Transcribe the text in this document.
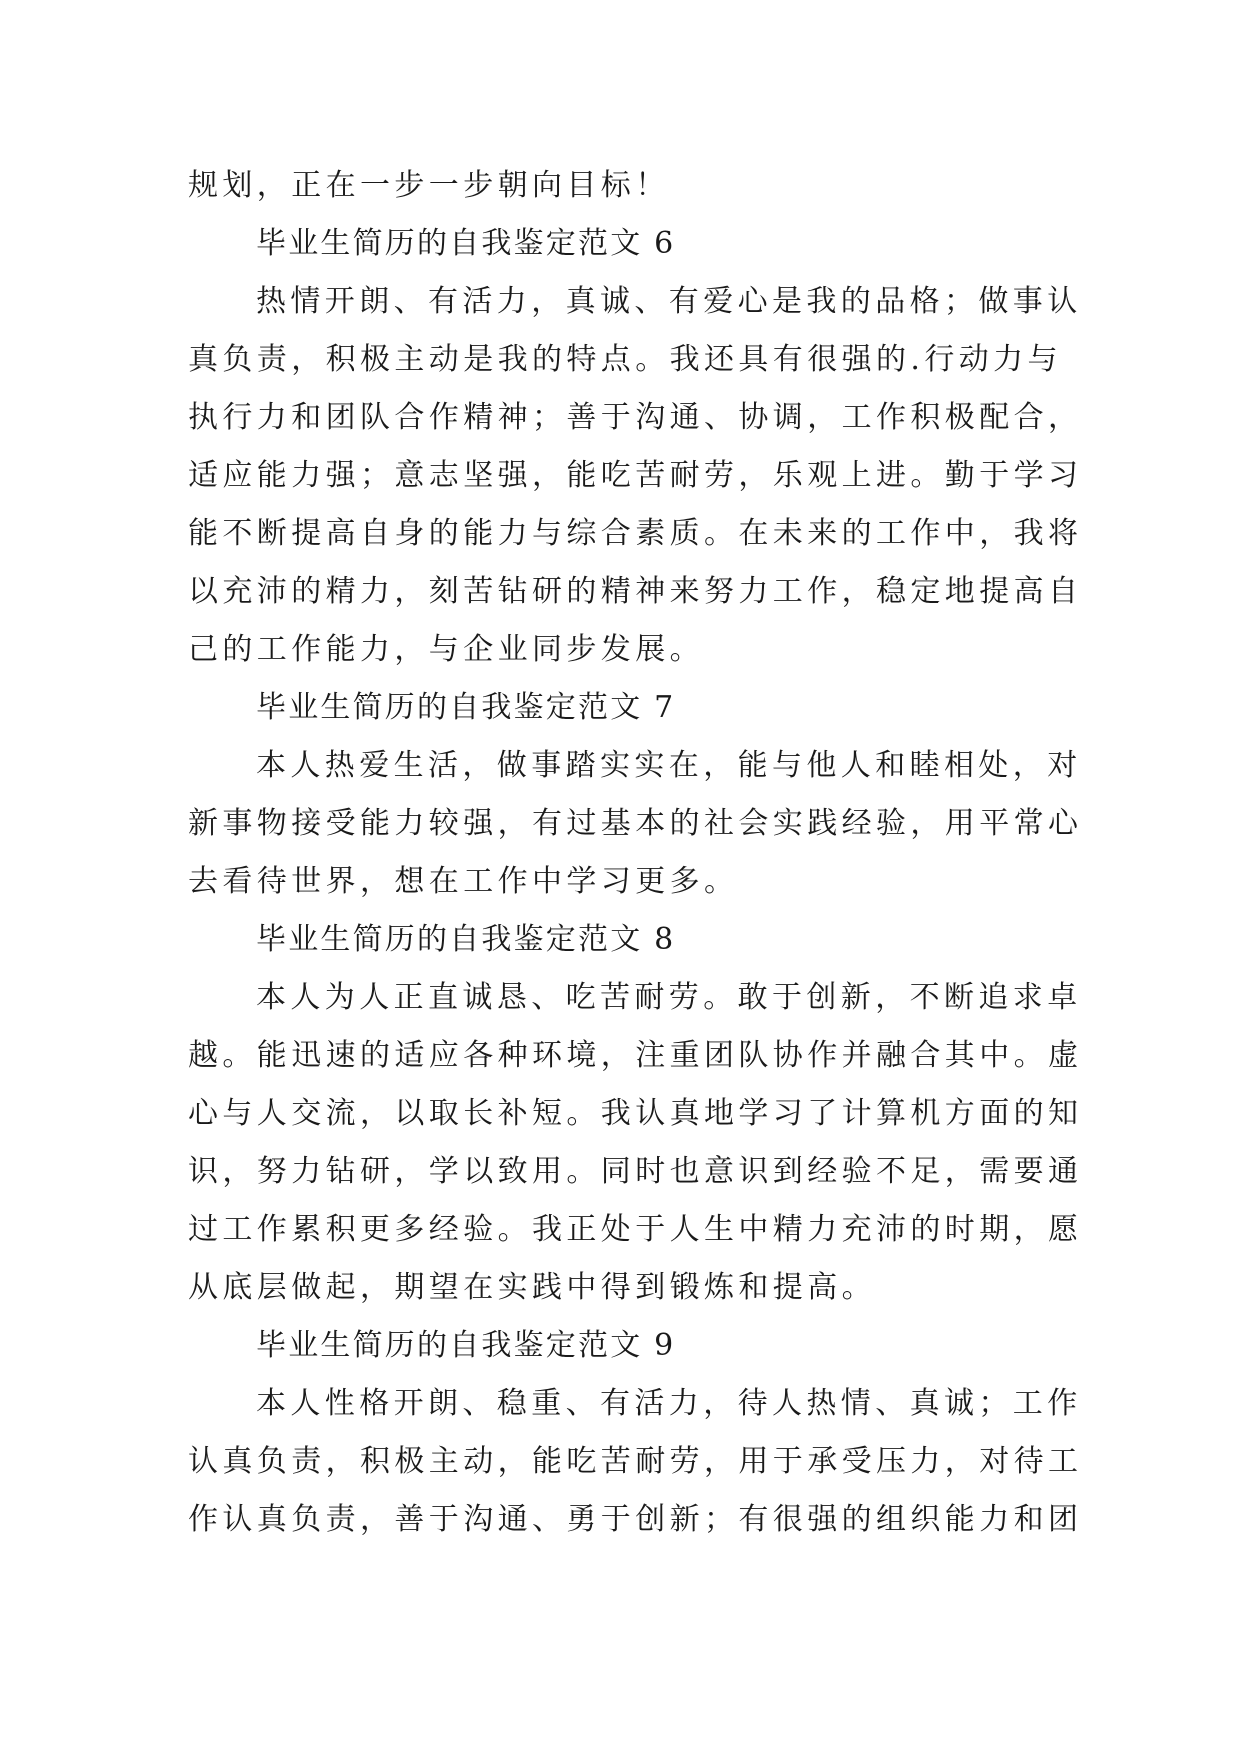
规划，正在一步一步朝向目标！
毕业生简历的自我鉴定范文 6
热情开朗、有活力，真诚、有爱心是我的品格；做事认
真负责，积极主动是我的特点。我还具有很强的.行动力与
执行力和团队合作精神；善于沟通、协调，工作积极配合，
适应能力强；意志坚强，能吃苦耐劳，乐观上进。勤于学习
能不断提高自身的能力与综合素质。在未来的工作中，我将
以充沛的精力，刻苦钻研的精神来努力工作，稳定地提高自
己的工作能力，与企业同步发展。
毕业生简历的自我鉴定范文 7
本人热爱生活，做事踏实实在，能与他人和睦相处，对
新事物接受能力较强，有过基本的社会实践经验，用平常心
去看待世界，想在工作中学习更多。
毕业生简历的自我鉴定范文 8
本人为人正直诚恳、吃苦耐劳。敢于创新，不断追求卓
越。能迅速的适应各种环境，注重团队协作并融合其中。虚
心与人交流，以取长补短。我认真地学习了计算机方面的知
识，努力钻研，学以致用。同时也意识到经验不足，需要通
过工作累积更多经验。我正处于人生中精力充沛的时期，愿
从底层做起，期望在实践中得到锻炼和提高。
毕业生简历的自我鉴定范文 9
本人性格开朗、稳重、有活力，待人热情、真诚；工作
认真负责，积极主动，能吃苦耐劳，用于承受压力，对待工
作认真负责，善于沟通、勇于创新；有很强的组织能力和团
